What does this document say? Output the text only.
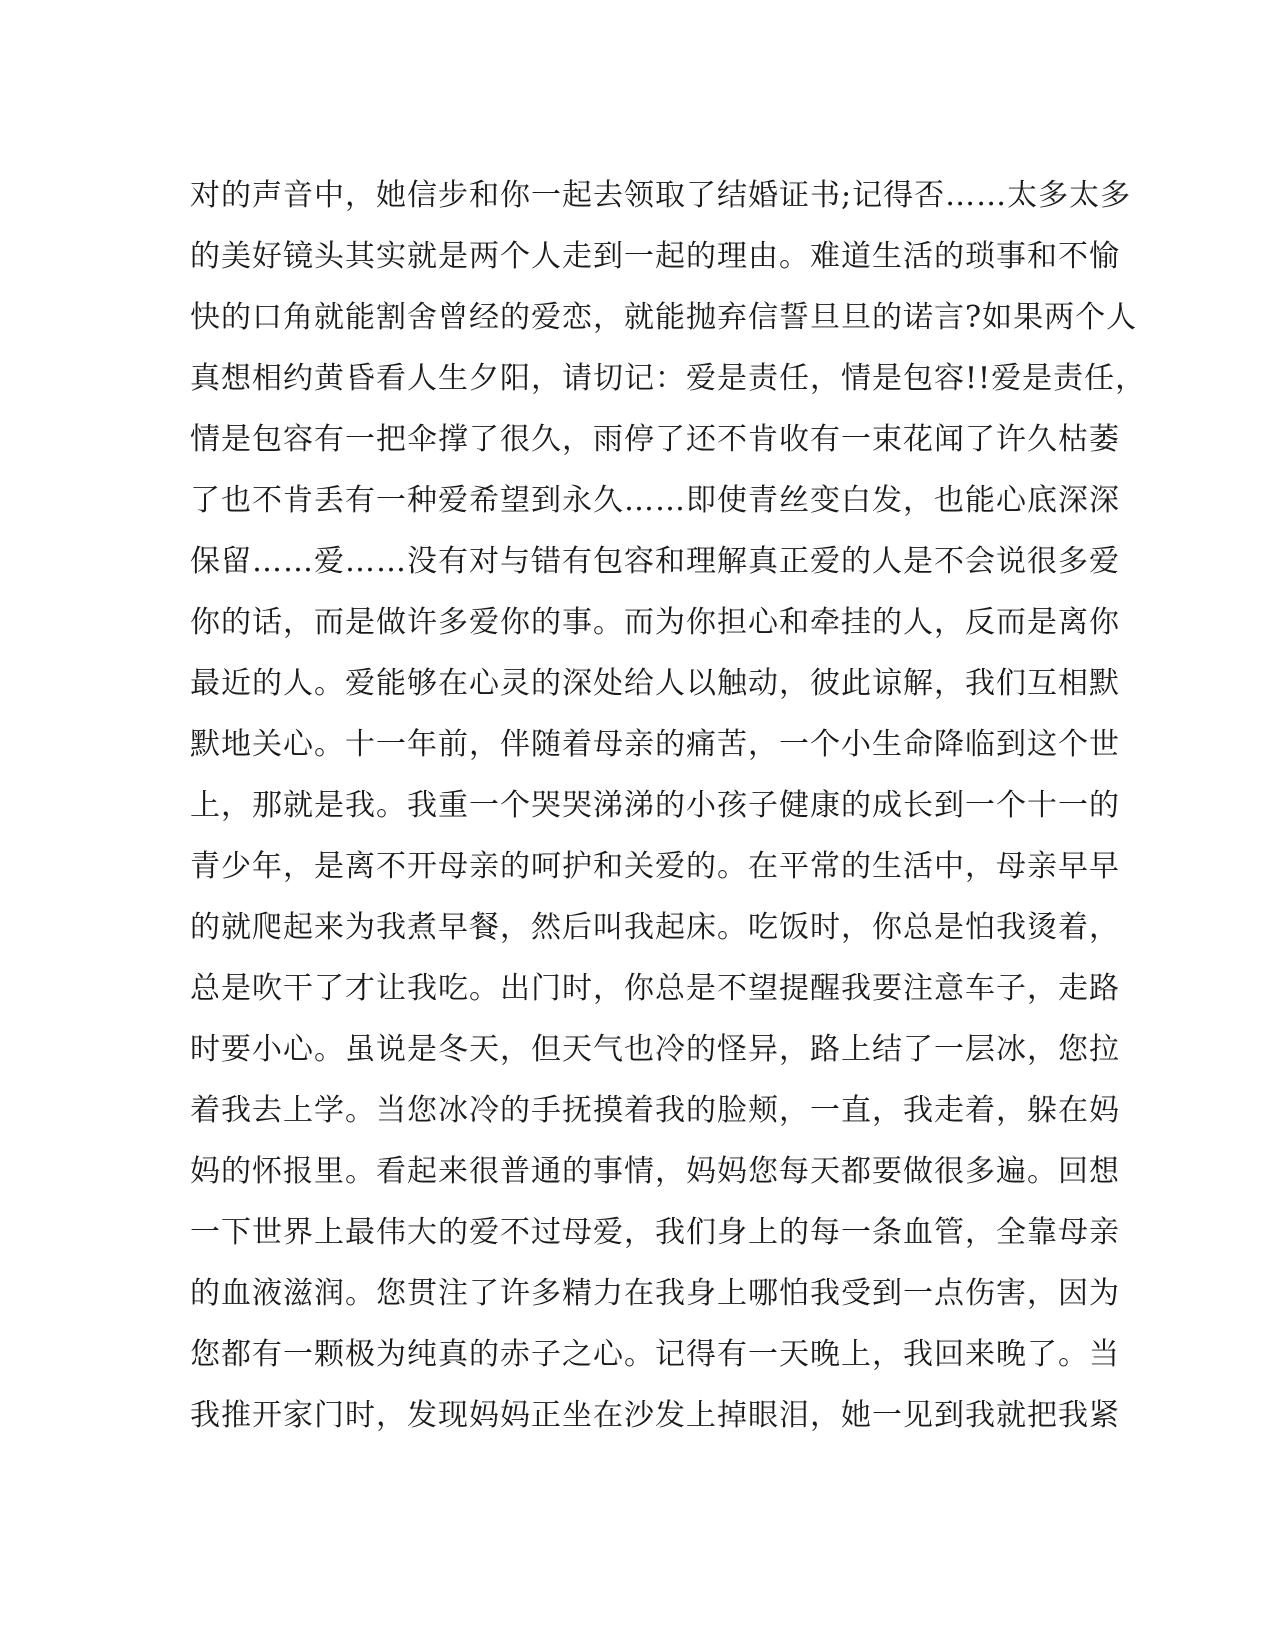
对的声音中，她信步和你一起去领取了结婚证书;记得否……太多太多
的美好镜头其实就是两个人走到一起的理由。难道生活的琐事和不愉
快的口角就能割舍曾经的爱恋，就能抛弃信誓旦旦的诺言?如果两个人
真想相约黄昏看人生夕阳，请切记：爱是责任，情是包容!!爱是责任，
情是包容有一把伞撑了很久，雨停了还不肯收有一束花闻了许久枯萎
了也不肯丢有一种爱希望到永久……即使青丝变白发，也能心底深深
保留……爱……没有对与错有包容和理解真正爱的人是不会说很多爱
你的话，而是做许多爱你的事。而为你担心和牵挂的人，反而是离你
最近的人。爱能够在心灵的深处给人以触动，彼此谅解，我们互相默
默地关心。十一年前，伴随着母亲的痛苦，一个小生命降临到这个世
上，那就是我。我重一个哭哭涕涕的小孩子健康的成长到一个十一的
青少年，是离不开母亲的呵护和关爱的。在平常的生活中，母亲早早
的就爬起来为我煮早餐，然后叫我起床。吃饭时，你总是怕我烫着，
总是吹干了才让我吃。出门时，你总是不望提醒我要注意车子，走路
时要小心。虽说是冬天，但天气也冷的怪异，路上结了一层冰，您拉
着我去上学。当您冰冷的手抚摸着我的脸颊，一直，我走着，躲在妈
妈的怀报里。看起来很普通的事情，妈妈您每天都要做很多遍。回想
一下世界上最伟大的爱不过母爱，我们身上的每一条血管，全靠母亲
的血液滋润。您贯注了许多精力在我身上哪怕我受到一点伤害，因为
您都有一颗极为纯真的赤子之心。记得有一天晚上，我回来晚了。当
我推开家门时，发现妈妈正坐在沙发上掉眼泪，她一见到我就把我紧
